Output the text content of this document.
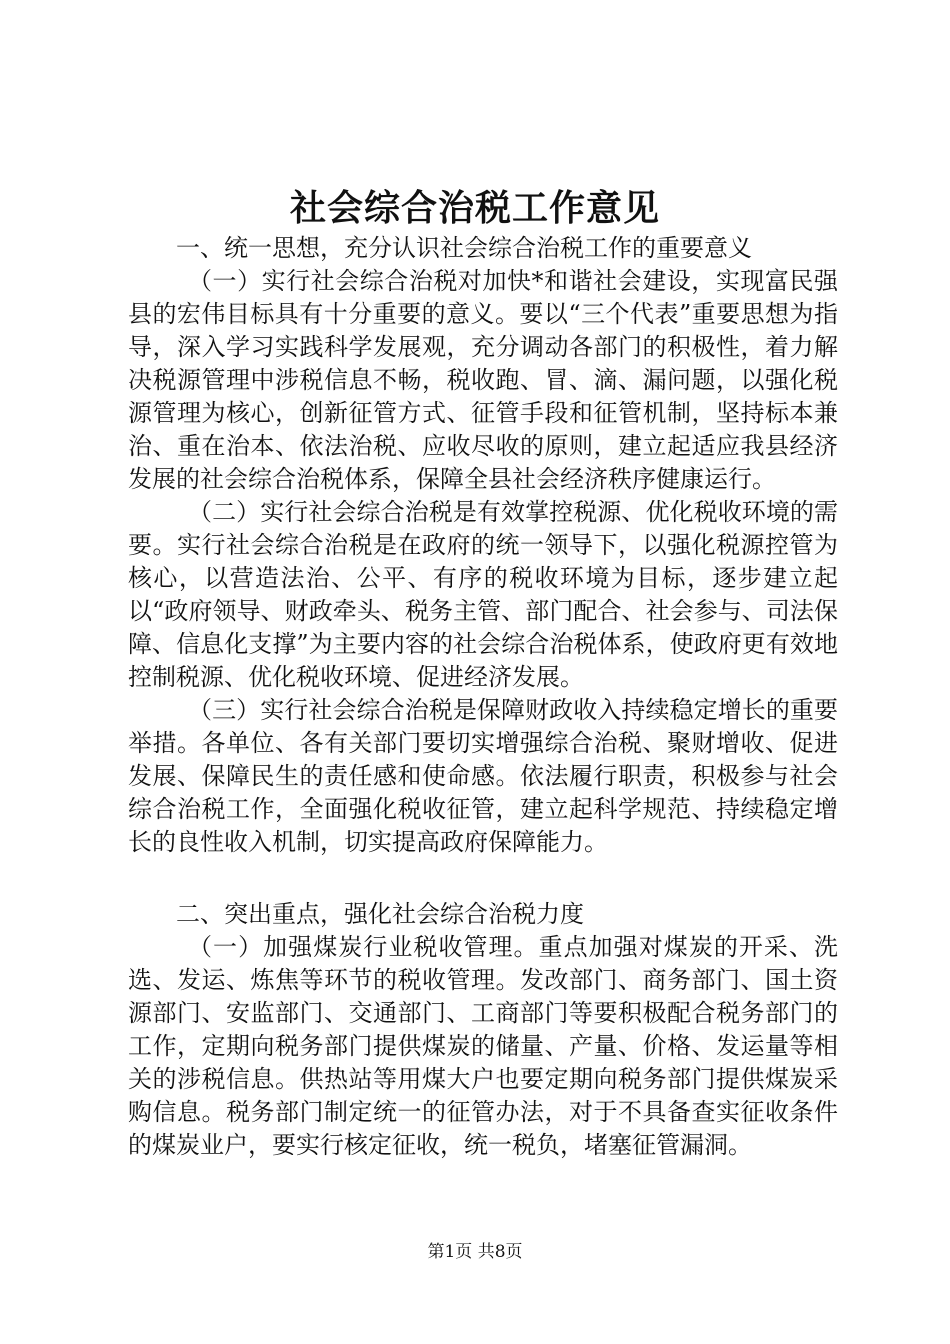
社会综合治税工作意见

一、统一思想，充分认识社会综合治税工作的重要意义

（一）实行社会综合治税对加快*和谐社会建设，实现富民强县的宏伟目标具有十分重要的意义。要以“三个代表”重要思想为指导，深入学习实践科学发展观，充分调动各部门的积极性，着力解决税源管理中涉税信息不畅，税收跑、冒、滴、漏问题，以强化税源管理为核心，创新征管方式、征管手段和征管机制，坚持标本兼治、重在治本、依法治税、应收尽收的原则，建立起适应我县经济发展的社会综合治税体系，保障全县社会经济秩序健康运行。

（二）实行社会综合治税是有效掌控税源、优化税收环境的需要。实行社会综合治税是在政府的统一领导下，以强化税源控管为核心，以营造法治、公平、有序的税收环境为目标，逐步建立起以“政府领导、财政牵头、税务主管、部门配合、社会参与、司法保障、信息化支撑”为主要内容的社会综合治税体系，使政府更有效地控制税源、优化税收环境、促进经济发展。

（三）实行社会综合治税是保障财政收入持续稳定增长的重要举措。各单位、各有关部门要切实增强综合治税、聚财增收、促进发展、保障民生的责任感和使命感。依法履行职责，积极参与社会综合治税工作，全面强化税收征管，建立起科学规范、持续稳定增长的良性收入机制，切实提高政府保障能力。

二、突出重点，强化社会综合治税力度

（一）加强煤炭行业税收管理。重点加强对煤炭的开采、洗选、发运、炼焦等环节的税收管理。发改部门、商务部门、国土资源部门、安监部门、交通部门、工商部门等要积极配合税务部门的工作，定期向税务部门提供煤炭的储量、产量、价格、发运量等相关的涉税信息。供热站等用煤大户也要定期向税务部门提供煤炭采购信息。税务部门制定统一的征管办法，对于不具备查实征收条件的煤炭业户，要实行核定征收，统一税负，堵塞征管漏洞。

第1页 共8页
